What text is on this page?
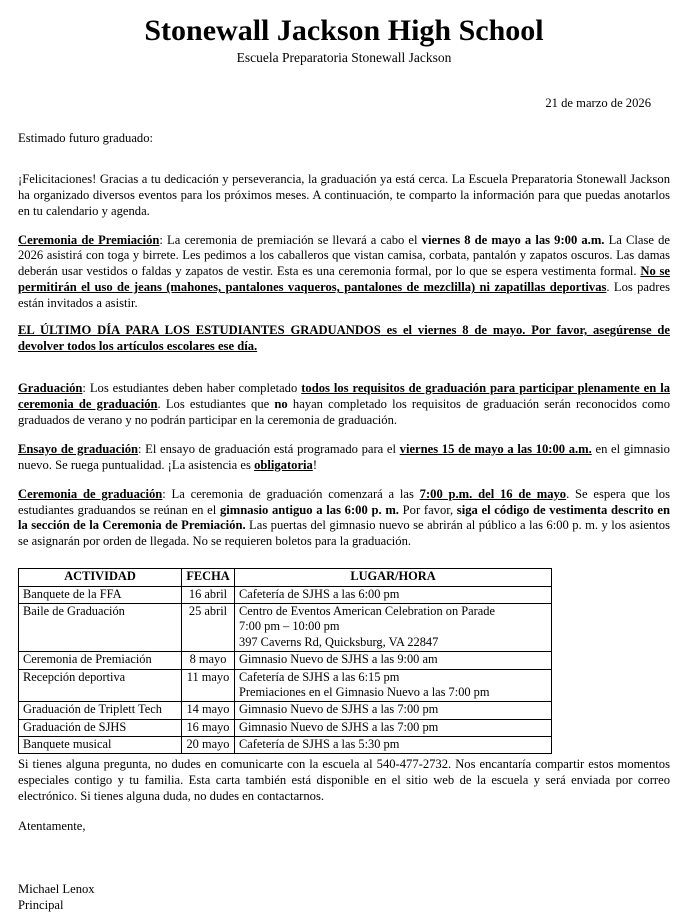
Stonewall Jackson High School
Escuela Preparatoria Stonewall Jackson
21 de marzo de 2026
Estimado futuro graduado:

¡Felicitaciones! Gracias a tu dedicación y perseverancia, la graduación ya está cerca. La Escuela Preparatoria Stonewall Jackson ha organizado diversos eventos para los próximos meses. A continuación, te comparto la información para que puedas anotarlos en tu calendario y agenda.

Ceremonia de Premiación: La ceremonia de premiación se llevará a cabo el viernes 8 de mayo a las 9:00 a.m. La Clase de 2026 asistirá con toga y birrete. Les pedimos a los caballeros que vistan camisa, corbata, pantalón y zapatos oscuros. Las damas deberán usar vestidos o faldas y zapatos de vestir. Esta es una ceremonia formal, por lo que se espera vestimenta formal. No se permitirán el uso de jeans (mahones, pantalones vaqueros, pantalones de mezclilla) ni zapatillas deportivas. Los padres están invitados a asistir.

EL ÚLTIMO DÍA PARA LOS ESTUDIANTES GRADUANDOS es el viernes 8 de mayo. Por favor, asegúrense de devolver todos los artículos escolares ese día.

Graduación: Los estudiantes deben haber completado todos los requisitos de graduación para participar plenamente en la ceremonia de graduación. Los estudiantes que no hayan completado los requisitos de graduación serán reconocidos como graduados de verano y no podrán participar en la ceremonia de graduación.

Ensayo de graduación: El ensayo de graduación está programado para el viernes 15 de mayo a las 10:00 a.m. en el gimnasio nuevo. Se ruega puntualidad. ¡La asistencia es obligatoria!

Ceremonia de graduación: La ceremonia de graduación comenzará a las 7:00 p.m. del 16 de mayo. Se espera que los estudiantes graduandos se reúnan en el gimnasio antiguo a las 6:00 p. m. Por favor, siga el código de vestimenta descrito en la sección de la Ceremonia de Premiación. Las puertas del gimnasio nuevo se abrirán al público a las 6:00 p. m. y los asientos se asignarán por orden de llegada. No se requieren boletos para la graduación.

ACTIVIDAD	FECHA	LUGAR/HORA
Banquete de la FFA	16 abril	Cafetería de SJHS a las 6:00 pm

Baile de Graduación	25 abril	Centro de Eventos American Celebration on Parade
7:00 pm – 10:00 pm
397 Caverns Rd, Quicksburg, VA 22847

Ceremonia de Premiación	8 mayo	Gimnasio Nuevo de SJHS a las 9:00 am

Recepción deportiva	11 mayo	Cafetería de SJHS a las 6:15 pm
Premiaciones en el Gimnasio Nuevo a las 7:00 pm

Graduación de Triplett Tech	14 mayo	Gimnasio Nuevo de SJHS a las 7:00 pm

Graduación de SJHS	16 mayo	Gimnasio Nuevo de SJHS a las 7:00 pm

Banquete musical	20 mayo	Cafetería de SJHS a las 5:30 pm

Si tienes alguna pregunta, no dudes en comunicarte con la escuela al 540-477-2732. Nos encantaría compartir estos momentos especiales contigo y tu familia. Esta carta también está disponible en el sitio web de la escuela y será enviada por correo electrónico. Si tienes alguna duda, no dudes en contactarnos.

Atentamente,

Michael Lenox
Principal
